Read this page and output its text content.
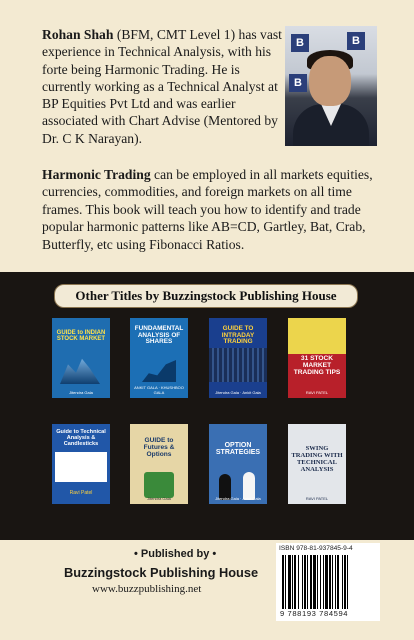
Rohan Shah (BFM, CMT Level 1) has vast experience in Technical Analysis, with his forte being Harmonic Trading. He is currently working as a Technical Analyst at BP Equities Pvt Ltd and was earlier associated with Chart Advise (Mentored by Dr. C K Narayan).

B	B
B

Harmonic Trading can be employed in all markets equities, currencies, commodities, and foreign markets on all time frames. This book will teach you how to identify and trade popular harmonic patterns like AB=CD, Gartley, Bat, Crab, Butterfly, etc using Fibonacci Ratios.

Other Titles by Buzzingstock Publishing House
GUIDE to INDIAN STOCK MARKET
Jitendra Gala
FUNDAMENTAL ANALYSIS OF SHARES
ANKIT GALA · KHUSHBOO GALA
GUIDE TO INTRADAY TRADING
Jitendra Gala · Ankit Gala
31 STOCK MARKET TRADING TIPS
RAVI PATEL
Guide to Technical Analysis & Candlesticks
Ravi Patel
GUIDE to Futures & Options
Jitendra Gala
OPTION STRATEGIES
Jitendra Gala · Ankit Gala
SWING TRADING WITH TECHNICAL ANALYSIS
RAVI PATEL
• Published by •
Buzzingstock Publishing House
www.buzzpublishing.net
ISBN 978-81-937845-9-4
9 788193 784594
